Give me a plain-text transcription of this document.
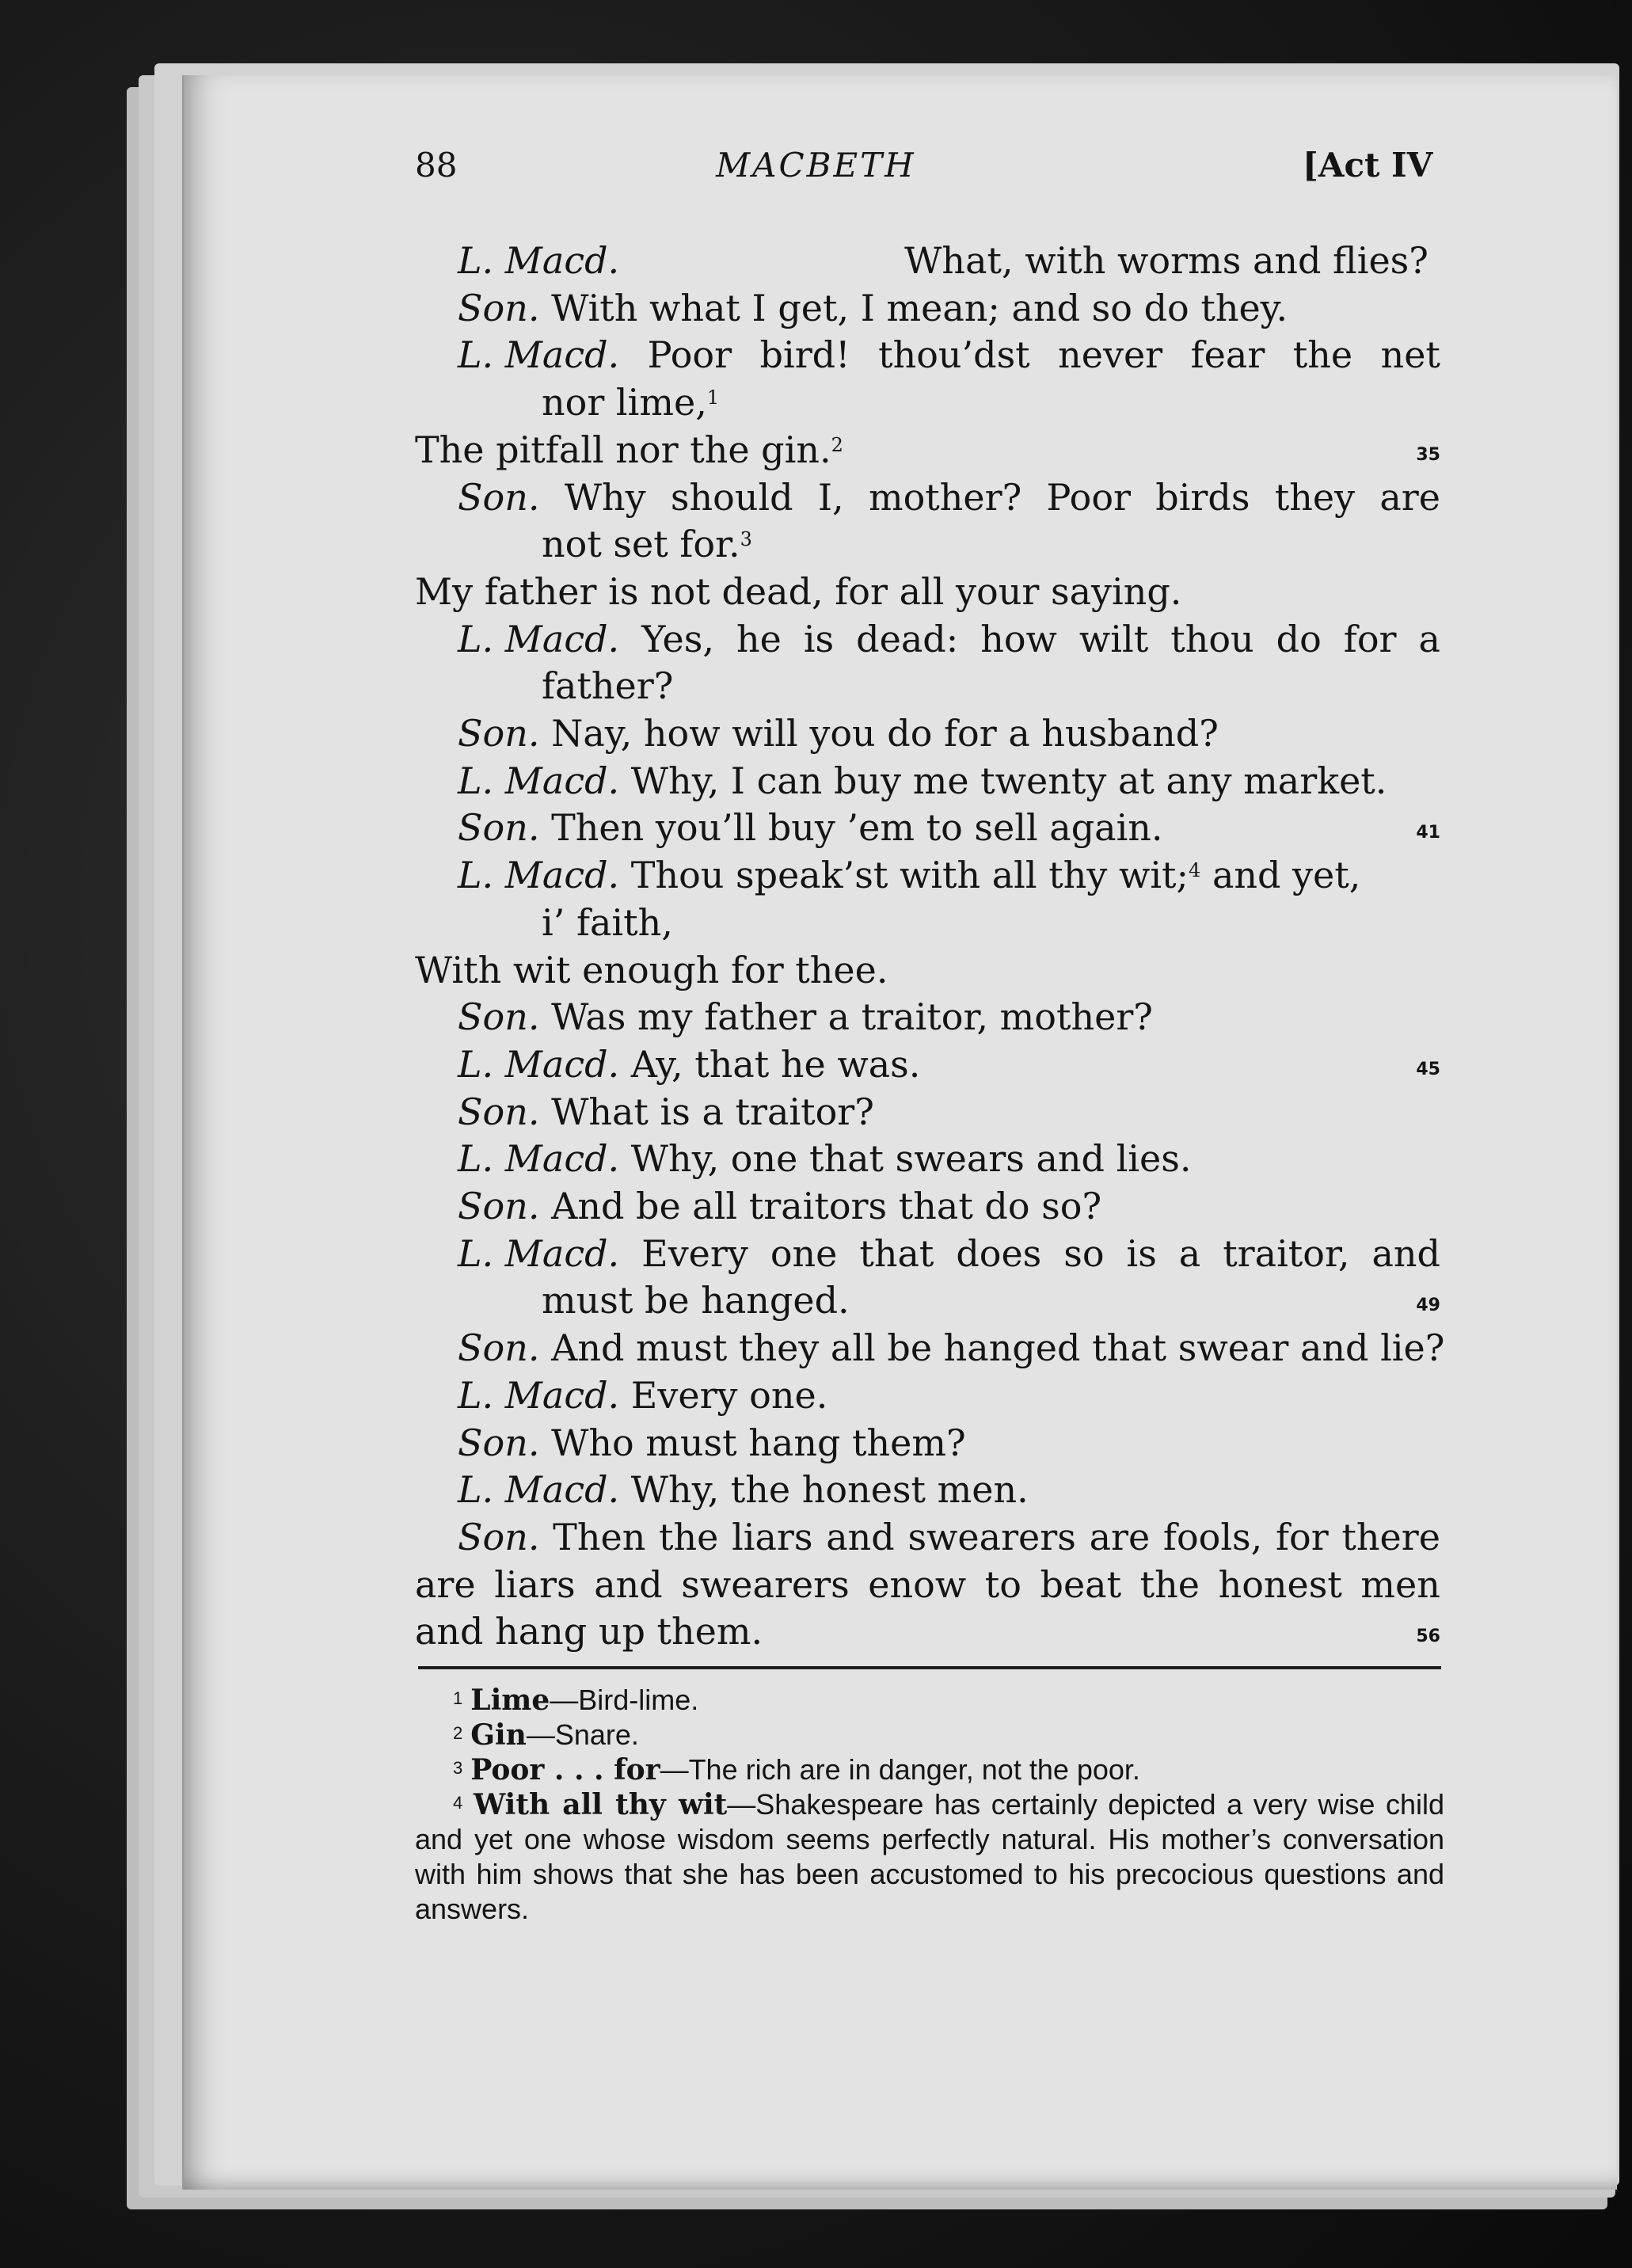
88	MACBETH	[Act IV
L. Macd.	What, with worms and flies?
Son. With what I get, I mean; and so do they.
L. Macd. Poor bird! thou’dst never fear the net
nor lime,$^1$
The pitfall nor the gin.$^2$	35
Son. Why should I, mother? Poor birds they are
not set for.$^3$
My father is not dead, for all your saying.
L. Macd. Yes, he is dead: how wilt thou do for a
father?
Son. Nay, how will you do for a husband?
L. Macd. Why, I can buy me twenty at any market.
Son. Then you’ll buy ’em to sell again.	41
L. Macd. Thou speak’st with all thy wit;$^4$ and yet,
i’ faith,
With wit enough for thee.
Son. Was my father a traitor, mother?
L. Macd. Ay, that he was.	45
Son. What is a traitor?
L. Macd. Why, one that swears and lies.
Son. And be all traitors that do so?
L. Macd. Every one that does so is a traitor, and
must be hanged.	49
Son. And must they all be hanged that swear and lie?
L. Macd. Every one.
Son. Who must hang them?
L. Macd. Why, the honest men.
Son. Then the liars and swearers are fools, for there
are liars and swearers enow to beat the honest men
and hang up them.	56

$^1$ Lime—Bird-lime.

$^2$ Gin—Snare.

$^3$ Poor . . . for—The rich are in danger, not the poor.

$^4$ With all thy wit—Shakespeare has certainly depicted a very wise child and yet one whose wisdom seems perfectly natural. His mother’s conversation with him shows that she has been accustomed to his precocious questions and answers.
